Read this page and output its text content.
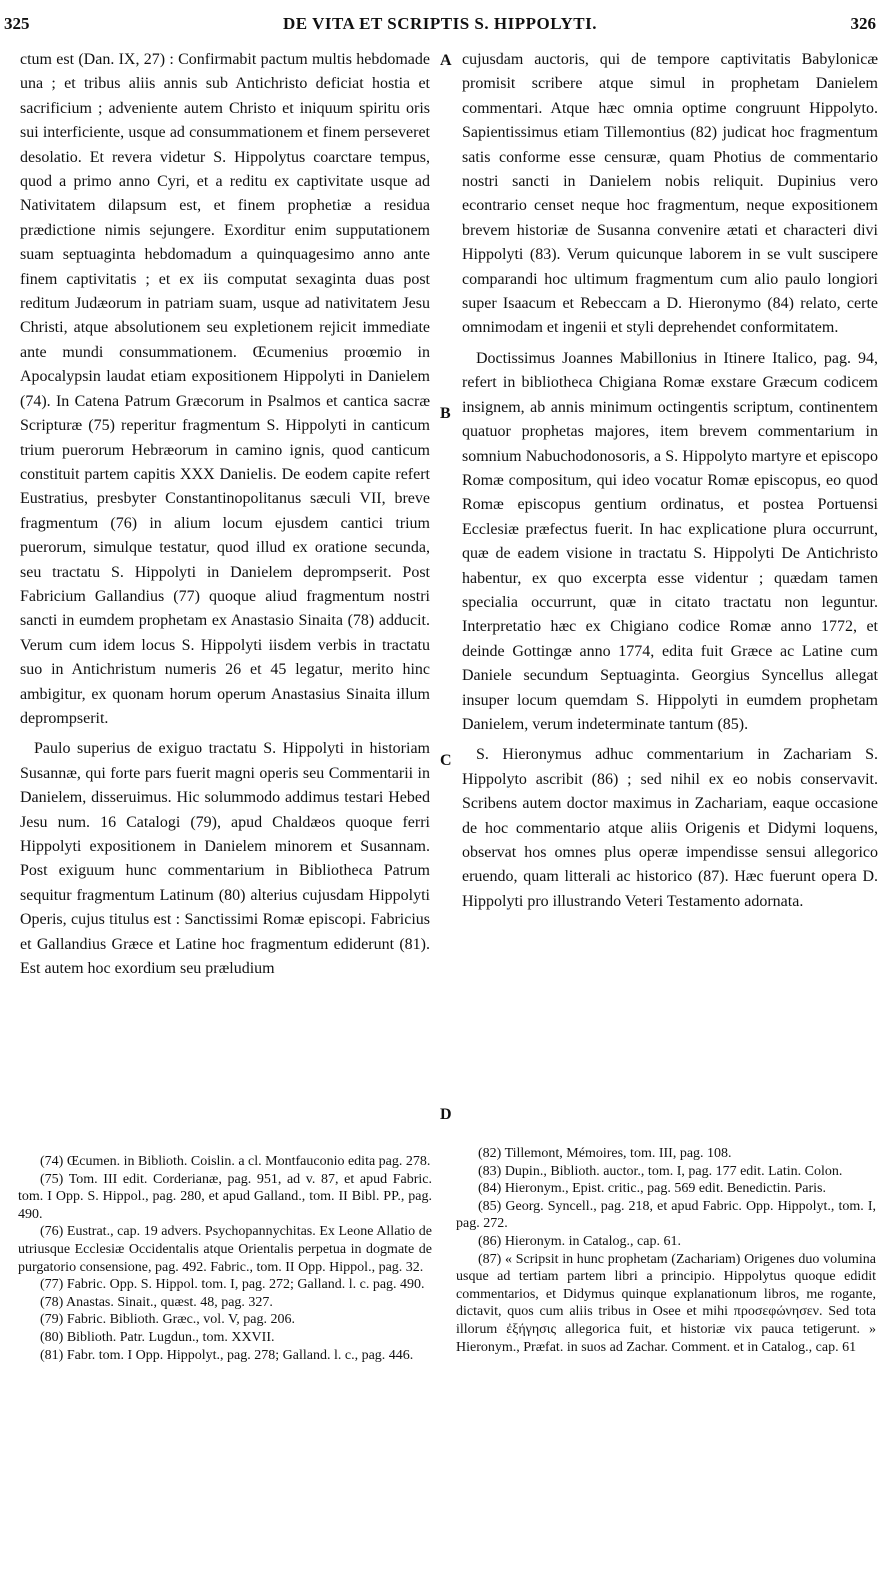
325	DE VITA ET SCRIPTIS S. HIPPOLYTI.	326

ctum est (Dan. IX, 27) : Confirmabit pactum multis hebdomade una ; et tribus aliis annis sub Antichristo deficiat hostia et sacrificium ; adveniente autem Christo et iniquum spiritu oris sui interficiente, usque ad consummationem et finem perseveret desolatio. Et revera videtur S. Hippolytus coarctare tempus, quod a primo anno Cyri, et a reditu ex captivitate usque ad Nativitatem dilapsum est, et finem prophetiæ a residua prædictione nimis sejungere. Exorditur enim supputationem suam septuaginta hebdomadum a quinquagesimo anno ante finem captivitatis ; et ex iis computat sexaginta duas post reditum Judæorum in patriam suam, usque ad nativitatem Jesu Christi, atque absolutionem seu expletionem rejicit immediate ante mundi consummationem. Œcumenius proœmio in Apocalypsin laudat etiam expositionem Hippolyti in Danielem (74). In Catena Patrum Græcorum in Psalmos et cantica sacræ Scripturæ (75) reperitur fragmentum S. Hippolyti in canticum trium puerorum Hebræorum in camino ignis, quod canticum constituit partem capitis XXX Danielis. De eodem capite refert Eustratius, presbyter Constantinopolitanus sæculi VII, breve fragmentum (76) in alium locum ejusdem cantici trium puerorum, simulque testatur, quod illud ex oratione secunda, seu tractatu S. Hippolyti in Danielem deprompserit. Post Fabricium Gallandius (77) quoque aliud fragmentum nostri sancti in eumdem prophetam ex Anastasio Sinaita (78) adducit. Verum cum idem locus S. Hippolyti iisdem verbis in tractatu suo in Antichristum numeris 26 et 45 legatur, merito hinc ambigitur, ex quonam horum operum Anastasius Sinaita illum deprompserit.

Paulo superius de exiguo tractatu S. Hippolyti in historiam Susannæ, qui forte pars fuerit magni operis seu Commentarii in Danielem, disseruimus. Hic solummodo addimus testari Hebed Jesu num. 16 Catalogi (79), apud Chaldæos quoque ferri Hippolyti expositionem in Danielem minorem et Susannam. Post exiguum hunc commentarium in Bibliotheca Patrum sequitur fragmentum Latinum (80) alterius cujusdam Hippolyti Operis, cujus titulus est : Sanctissimi Romæ episcopi. Fabricius et Gallandius Græce et Latine hoc fragmentum ediderunt (81). Est autem hoc exordium seu præludium

cujusdam auctoris, qui de tempore captivitatis Babylonicæ promisit scribere atque simul in prophetam Danielem commentari. Atque hæc omnia optime congruunt Hippolyto. Sapientissimus etiam Tillemontius (82) judicat hoc fragmentum satis conforme esse censuræ, quam Photius de commentario nostri sancti in Danielem nobis reliquit. Dupinius vero econtrario censet neque hoc fragmentum, neque expositionem brevem historiæ de Susanna convenire ætati et characteri divi Hippolyti (83). Verum quicunque laborem in se vult suscipere comparandi hoc ultimum fragmentum cum alio paulo longiori super Isaacum et Rebeccam a D. Hieronymo (84) relato, certe omnimodam et ingenii et styli deprehendet conformitatem.

Doctissimus Joannes Mabillonius in Itinere Italico, pag. 94, refert in bibliotheca Chigiana Romæ exstare Græcum codicem insignem, ab annis minimum octingentis scriptum, continentem quatuor prophetas majores, item brevem commentarium in somnium Nabuchodonosoris, a S. Hippolyto martyre et episcopo Romæ compositum, qui ideo vocatur Romæ episcopus, eo quod Romæ episcopus gentium ordinatus, et postea Portuensi Ecclesiæ præfectus fuerit. In hac explicatione plura occurrunt, quæ de eadem visione in tractatu S. Hippolyti De Antichristo habentur, ex quo excerpta esse videntur ; quædam tamen specialia occurrunt, quæ in citato tractatu non leguntur. Interpretatio hæc ex Chigiano codice Romæ anno 1772, et deinde Gottingæ anno 1774, edita fuit Græce ac Latine cum Daniele secundum Septuaginta. Georgius Syncellus allegat insuper locum quemdam S. Hippolyti in eumdem prophetam Danielem, verum indeterminate tantum (85).

S. Hieronymus adhuc commentarium in Zachariam S. Hippolyto ascribit (86) ; sed nihil ex eo nobis conservavit. Scribens autem doctor maximus in Zachariam, eaque occasione de hoc commentario atque aliis Origenis et Didymi loquens, observat hos omnes plus operæ impendisse sensui allegorico eruendo, quam litterali ac historico (87). Hæc fuerunt opera D. Hippolyti pro illustrando Veteri Testamento adornata.

A
B
C
D

(74) Œcumen. in Biblioth. Coislin. a cl. Montfauconio edita pag. 278.

(75) Tom. III edit. Corderianæ, pag. 951, ad v. 87, et apud Fabric. tom. I Opp. S. Hippol., pag. 280, et apud Galland., tom. II Bibl. PP., pag. 490.

(76) Eustrat., cap. 19 advers. Psychopannychitas. Ex Leone Allatio de utriusque Ecclesiæ Occidentalis atque Orientalis perpetua in dogmate de purgatorio consensione, pag. 492. Fabric., tom. II Opp. Hippol., pag. 32.

(77) Fabric. Opp. S. Hippol. tom. I, pag. 272; Galland. l. c. pag. 490.

(78) Anastas. Sinait., quæst. 48, pag. 327.

(79) Fabric. Biblioth. Græc., vol. V, pag. 206.

(80) Biblioth. Patr. Lugdun., tom. XXVII.

(81) Fabr. tom. I Opp. Hippolyt., pag. 278; Galland. l. c., pag. 446.

(82) Tillemont, Mémoires, tom. III, pag. 108.

(83) Dupin., Biblioth. auctor., tom. I, pag. 177 edit. Latin. Colon.

(84) Hieronym., Epist. critic., pag. 569 edit. Benedictin. Paris.

(85) Georg. Syncell., pag. 218, et apud Fabric. Opp. Hippolyt., tom. I, pag. 272.

(86) Hieronym. in Catalog., cap. 61.

(87) « Scripsit in hunc prophetam (Zachariam) Origenes duo volumina usque ad tertiam partem libri a principio. Hippolytus quoque edidit commentarios, et Didymus quinque explanationum libros, me rogante, dictavit, quos cum aliis tribus in Osee et mihi προσεφώνησεν. Sed tota illorum ἐξήγησις allegorica fuit, et historiæ vix pauca tetigerunt. » Hieronym., Præfat. in suos ad Zachar. Comment. et in Catalog., cap. 61
